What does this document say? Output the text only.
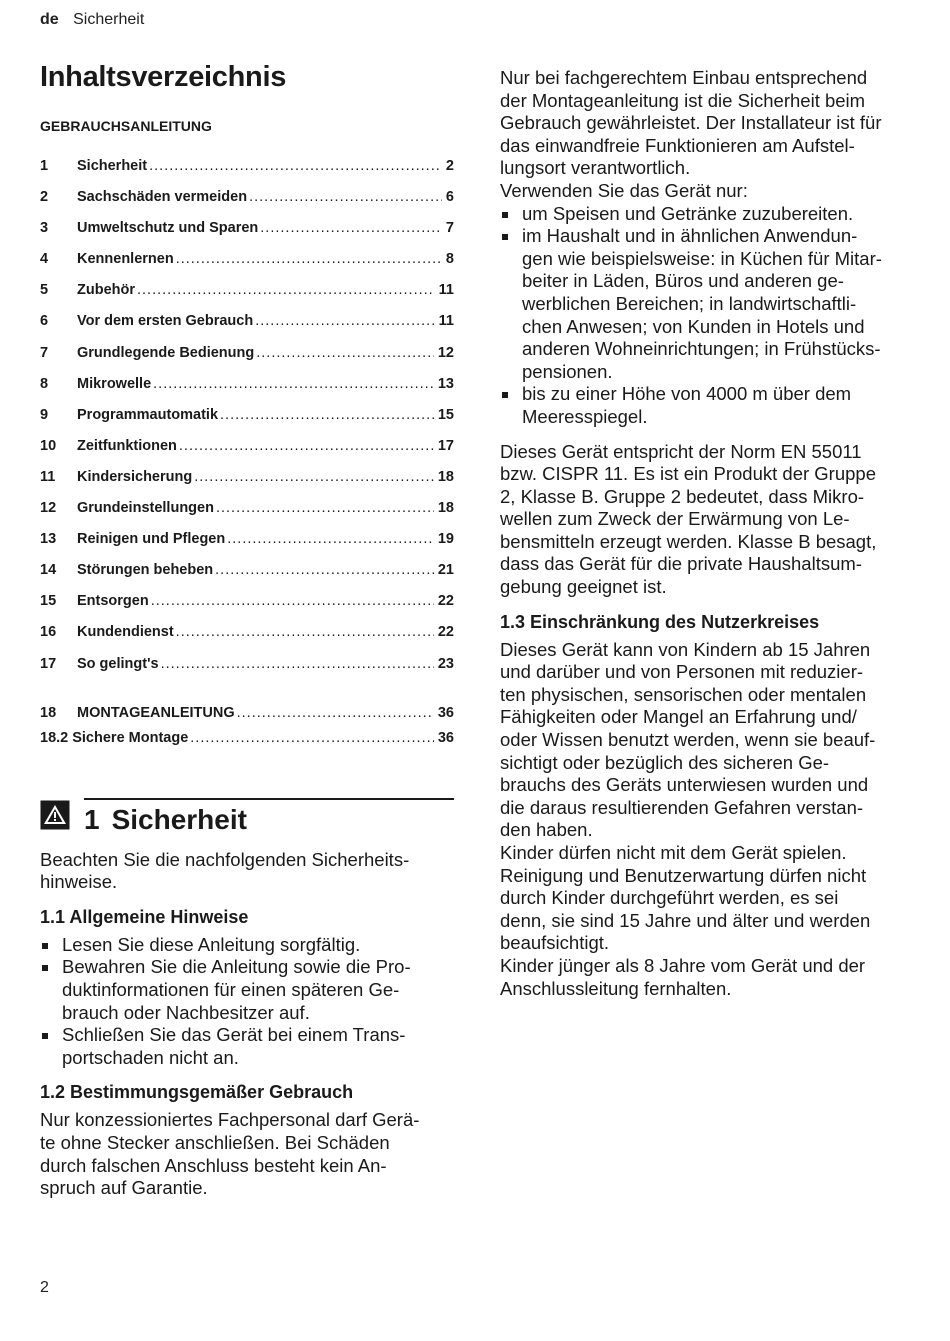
de Sicherheit
Inhaltsverzeichnis
GEBRAUCHSANLEITUNG
1	Sicherheit .....	2
2	Sachschäden vermeiden .....	6
3	Umweltschutz und Sparen .....	7
4	Kennenlernen .....	8
5	Zubehör .....	11
6	Vor dem ersten Gebrauch .....	11
7	Grundlegende Bedienung .....	12
8	Mikrowelle .....	13
9	Programmautomatik .....	15
10	Zeitfunktionen .....	17
11	Kindersicherung .....	18
12	Grundeinstellungen .....	18
13	Reinigen und Pflegen .....	19
14	Störungen beheben .....	21
15	Entsorgen .....	22
16	Kundendienst .....	22
17	So gelingt's .....	23
18	MONTAGEANLEITUNG .....	36
18.2 Sichere Montage .....	36
1 Sicherheit

Beachten Sie die nachfolgenden Sicherheits-
hinweise.

1.1 Allgemeine Hinweise
Lesen Sie diese Anleitung sorgfältig.
Bewahren Sie die Anleitung sowie die Pro-
duktinformationen für einen späteren Ge-
brauch oder Nachbesitzer auf.
Schließen Sie das Gerät bei einem Trans-
portschaden nicht an.
1.2 Bestimmungsgemäßer Gebrauch

Nur konzessioniertes Fachpersonal darf Gerä-
te ohne Stecker anschließen. Bei Schäden
durch falschen Anschluss besteht kein An-
spruch auf Garantie.

Nur bei fachgerechtem Einbau entsprechend
der Montageanleitung ist die Sicherheit beim
Gebrauch gewährleistet. Der Installateur ist für
das einwandfreie Funktionieren am Aufstel-
lungsort verantwortlich.

Verwenden Sie das Gerät nur:

um Speisen und Getränke zuzubereiten.
im Haushalt und in ähnlichen Anwendun-
gen wie beispielsweise: in Küchen für Mitar-
beiter in Läden, Büros und anderen ge-
werblichen Bereichen; in landwirtschaftli-
chen Anwesen; von Kunden in Hotels und
anderen Wohneinrichtungen; in Frühstücks-
pensionen.
bis zu einer Höhe von 4000 m über dem
Meeresspiegel.

Dieses Gerät entspricht der Norm EN 55011
bzw. CISPR 11. Es ist ein Produkt der Gruppe
2, Klasse B. Gruppe 2 bedeutet, dass Mikro-
wellen zum Zweck der Erwärmung von Le-
bensmitteln erzeugt werden. Klasse B besagt,
dass das Gerät für die private Haushaltsum-
gebung geeignet ist.

1.3 Einschränkung des Nutzerkreises

Dieses Gerät kann von Kindern ab 15 Jahren
und darüber und von Personen mit reduzier-
ten physischen, sensorischen oder mentalen
Fähigkeiten oder Mangel an Erfahrung und/
oder Wissen benutzt werden, wenn sie beauf-
sichtigt oder bezüglich des sicheren Ge-
brauchs des Geräts unterwiesen wurden und
die daraus resultierenden Gefahren verstan-
den haben.

Kinder dürfen nicht mit dem Gerät spielen.

Reinigung und Benutzerwartung dürfen nicht
durch Kinder durchgeführt werden, es sei
denn, sie sind 15 Jahre und älter und werden
beaufsichtigt.

Kinder jünger als 8 Jahre vom Gerät und der
Anschlussleitung fernhalten.

2
